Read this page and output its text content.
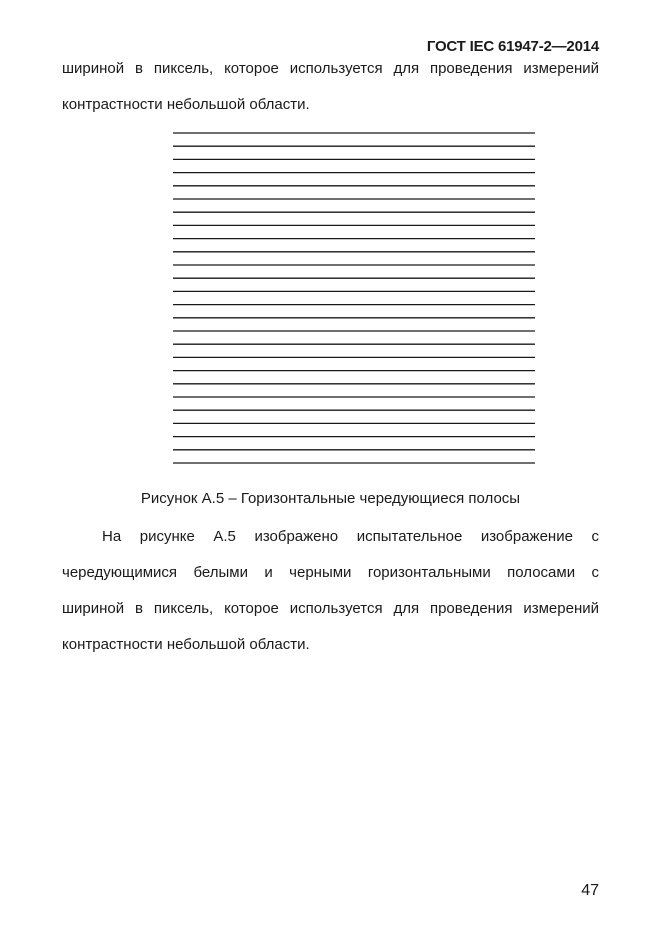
ГОСТ IEC 61947-2—2014

шириной в пиксель, которое используется для проведения измерений
контрастности небольшой области.

Рисунок А.5 – Горизонтальные чередующиеся полосы

На рисунке А.5 изображено испытательное изображение с
чередующимися белыми и черными горизонтальными полосами с
шириной в пиксель, которое используется для проведения измерений
контрастности небольшой области.

47
